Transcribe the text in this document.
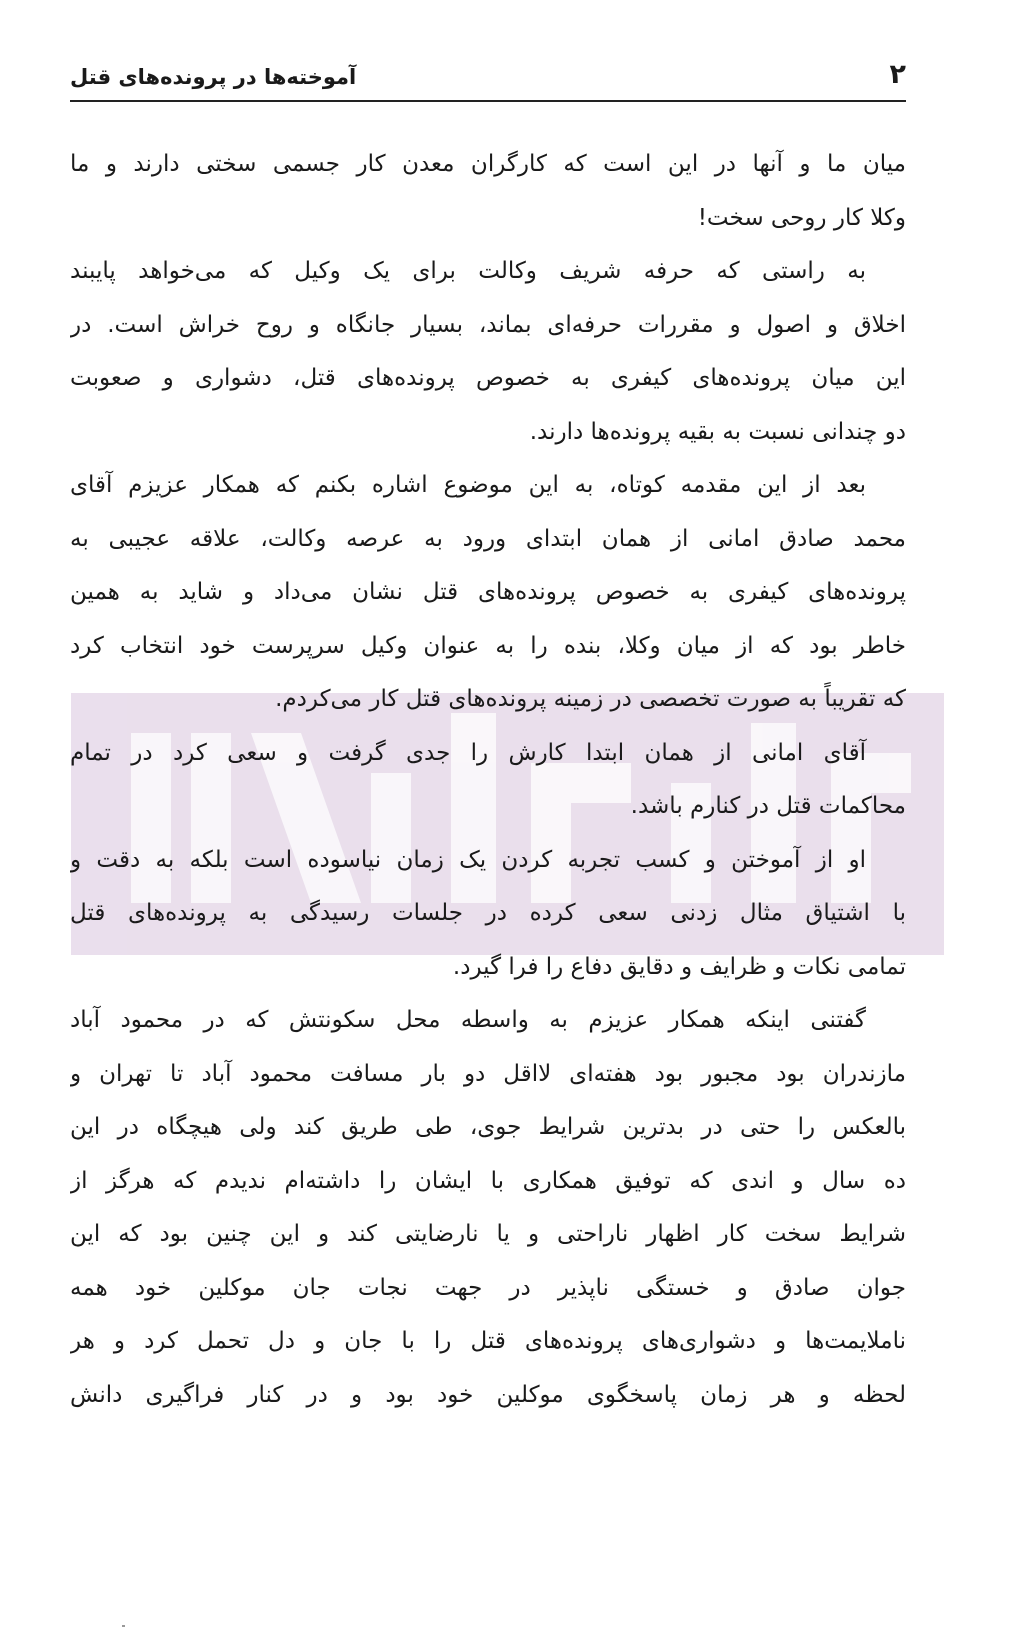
۲
آموخته‌ها در پرونده‌های قتل
میان ما و آنها در این است که کارگران معدن کار جسمی سختی دارند و ما
وکلا کار روحی سخت!
به راستی که حرفه شریف وکالت برای یک وکیل که می‌خواهد پایبند
اخلاق و اصول و مقررات حرفه‌ای بماند، بسیار جانگاه و روح خراش است. در
این میان پرونده‌های کیفری به خصوص پرونده‌های قتل، دشواری و صعوبت
دو چندانی نسبت به بقیه پرونده‌ها دارند.
بعد از این مقدمه کوتاه، به این موضوع اشاره بکنم که همکار عزیزم آقای
محمد صادق امانی از همان ابتدای ورود به عرصه وکالت، علاقه عجیبی به
پرونده‌های کیفری به خصوص پرونده‌های قتل نشان می‌داد و شاید به همین
خاطر بود که از میان وکلا، بنده را به عنوان وکیل سرپرست خود انتخاب کرد
که تقریباً به صورت تخصصی در زمینه پرونده‌های قتل کار می‌کردم.
آقای امانی از همان ابتدا کارش را جدی گرفت و سعی کرد در تمام
محاکمات قتل در کنارم باشد.
او از آموختن و کسب تجربه کردن یک زمان نیاسوده است بلکه به دقت و
با اشتیاق مثال زدنی سعی کرده در جلسات رسیدگی به پرونده‌های قتل
تمامی نکات و ظرایف و دقایق دفاع را فرا گیرد.
گفتنی اینکه همکار عزیزم به واسطه محل سکونتش که در محمود آباد
مازندران بود مجبور بود هفته‌ای لااقل دو بار مسافت محمود آباد تا تهران و
بالعکس را حتی در بدترین شرایط جوی، طی طریق کند ولی هیچگاه در این
ده سال و اندی که توفیق همکاری با ایشان را داشته‌ام ندیدم که هرگز از
شرایط سخت کار اظهار ناراحتی و یا نارضایتی کند و این چنین بود که این
جوان صادق و خستگی ناپذیر در جهت نجات جان موکلین خود همه
ناملایمت‌ها و دشواری‌های پرونده‌های قتل را با جان و دل تحمل کرد و هر
لحظه و هر زمان پاسخگوی موکلین خود بود و در کنار فراگیری دانش
